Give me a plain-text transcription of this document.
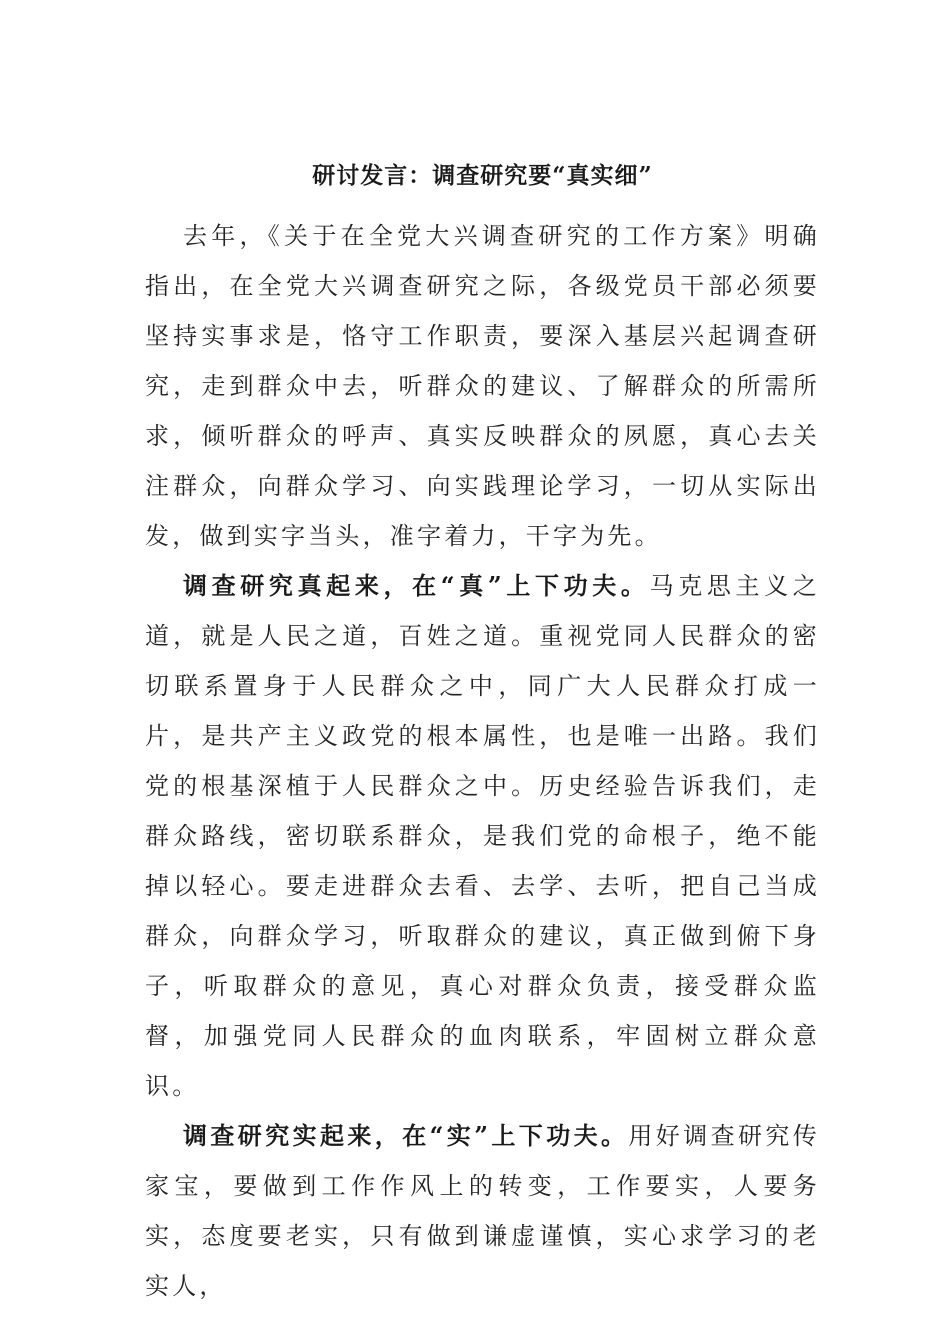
研讨发言：调查研究要“真实细”

去年，《关于在全党大兴调查研究的工作方案》明确指出，在全党大兴调查研究之际，各级党员干部必须要坚持实事求是，恪守工作职责，要深入基层兴起调查研究，走到群众中去，听群众的建议、了解群众的所需所求，倾听群众的呼声、真实反映群众的夙愿，真心去关注群众，向群众学习、向实践理论学习，一切从实际出发，做到实字当头，准字着力，干字为先。

调查研究真起来，在“真”上下功夫。马克思主义之道，就是人民之道，百姓之道。重视党同人民群众的密切联系置身于人民群众之中，同广大人民群众打成一片，是共产主义政党的根本属性，也是唯一出路。我们党的根基深植于人民群众之中。历史经验告诉我们，走群众路线，密切联系群众，是我们党的命根子，绝不能掉以轻心。要走进群众去看、去学、去听，把自己当成群众，向群众学习，听取群众的建议，真正做到俯下身子，听取群众的意见，真心对群众负责，接受群众监督，加强党同人民群众的血肉联系，牢固树立群众意识。

调查研究实起来，在“实”上下功夫。用好调查研究传家宝，要做到工作作风上的转变，工作要实，人要务实，态度要老实，只有做到谦虚谨慎，实心求学习的老实人，
